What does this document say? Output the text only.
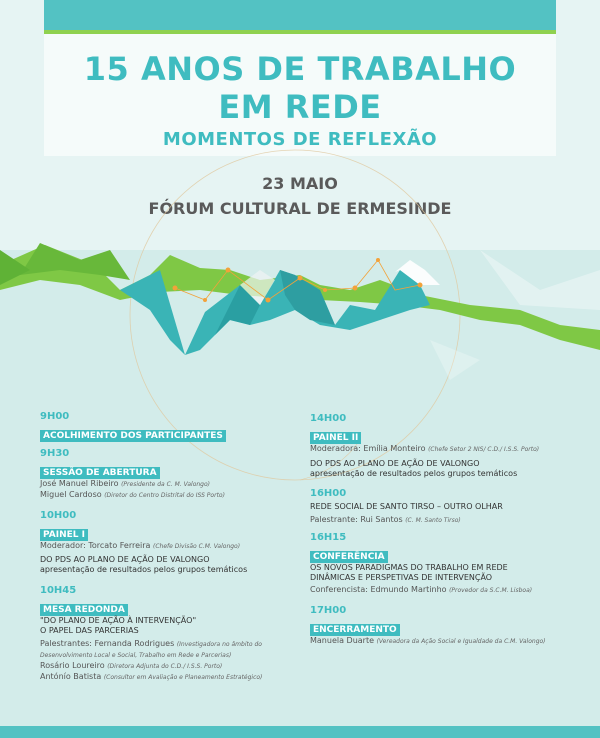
15 ANOS DE TRABALHO
EM REDE
MOMENTOS DE REFLEXÃO
23 MAIO
FÓRUM CULTURAL DE ERMESINDE
9H00
ACOLHIMENTO DOS PARTICIPANTES
9H30
SESSÃO DE ABERTURA
José Manuel Ribeiro (Presidente da C. M. Valongo)
Miguel Cardoso (Diretor do Centro Distrital do ISS Porto)
10H00
PAINEL I
Moderador: Torcato Ferreira (Chefe Divisão C.M. Valongo)
DO PDS AO PLANO DE AÇÃO DE VALONGO
apresentação de resultados pelos grupos temáticos
10H45
MESA REDONDA
"DO PLANO DE AÇÃO À INTERVENÇÃO"
O PAPEL DAS PARCERIAS
Palestrantes: Fernanda Rodrigues (Investigadora no âmbito do
Desenvolvimento Local e Social, Trabalho em Rede e Parcerias)
Rosário Loureiro (Diretora Adjunta do C.D./ I.S.S. Porto)
Antónío Batista (Consultor em Avaliação e Planeamento Estratégico)
14H00
PAINEL II
Moderadora: Emília Monteiro (Chefe Setor 2 NIS/ C.D./ I.S.S. Porto)
DO PDS AO PLANO DE AÇÃO DE VALONGO
apresentação de resultados pelos grupos temáticos
16H00
REDE SOCIAL DE SANTO TIRSO – OUTRO OLHAR
Palestrante: Rui Santos (C. M. Santo Tirso)
16H15
CONFERÊNCIA
OS NOVOS PARADIGMAS DO TRABALHO EM REDE
DINÂMICAS E PERSPETIVAS DE INTERVENÇÃO
Conferencista: Edmundo Martinho (Provedor da S.C.M. Lisboa)
17H00
ENCERRAMENTO
Manuela Duarte (Vereadora da Ação Social e Igualdade da C.M. Valongo)
